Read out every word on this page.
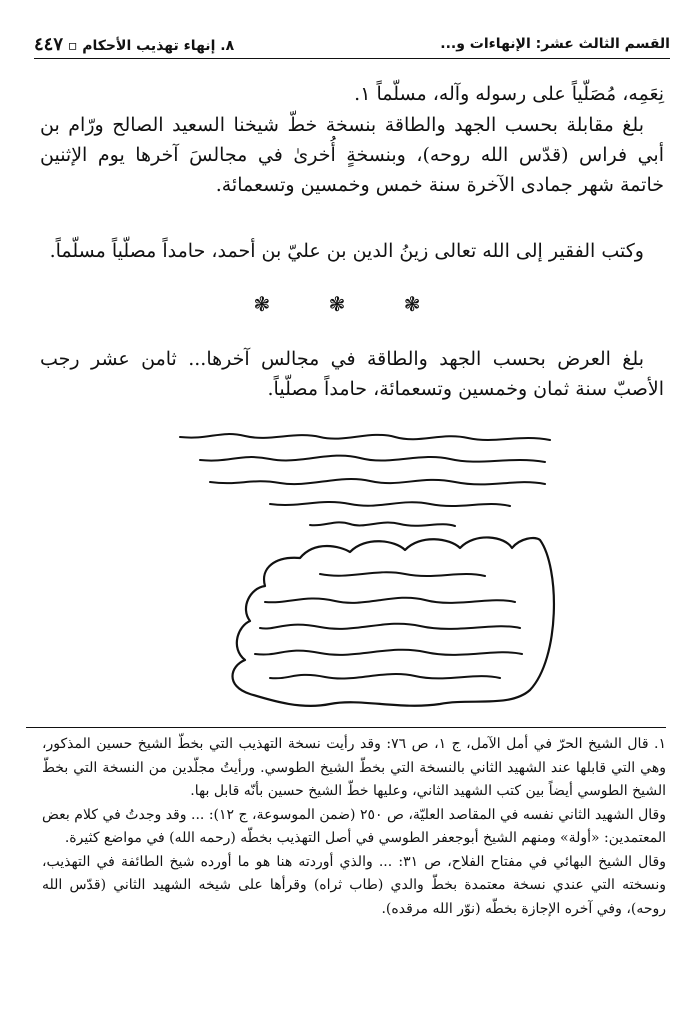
القسم الثالث عشر: الإنهاءات و...
٨. إنهاء تهذيب الأحكام ▫ ٤٤٧
نِعَمِه، مُصَلّياً على رسوله وآله، مسلّماً ١.
بلغ مقابلة بحسب الجهد والطاقة بنسخة خطّ شيخنا السعيد الصالح ورّام بن أبي فراس (قدّس الله روحه)، وبنسخةٍ أُخرىٰ في مجالسَ آخرها يوم الإثنين خاتمة شهر جمادى الآخرة سنة خمس وخمسين وتسعمائة.
وكتب الفقير إلى الله تعالى زينُ الدين بن عليّ بن أحمد، حامداً مصلّياً مسلّماً.
❃ ❃ ❃
بلغ العرض بحسب الجهد والطاقة في مجالس آخرها... ثامن عشر رجب الأصبّ سنة ثمان وخمسين وتسعمائة، حامداً مصلّياً.

١. قال الشيخ الحرّ في أمل الآمل، ج ١، ص ٧٦: وقد رأيت نسخة التهذيب التي بخطّ الشيخ حسين المذكور، وهي التي قابلها عند الشهيد الثاني بالنسخة التي بخطّ الشيخ الطوسي. ورأيتُ مجلّدين من النسخة التي بخطّ الشيخ الطوسي أيضاً بين كتب الشهيد الثاني، وعليها خطّ الشيخ حسين بأنّه قابل بها.

وقال الشهيد الثاني نفسه في المقاصد العليّة، ص ٢٥٠ (ضمن الموسوعة، ج ١٢): ... وقد وجدتُ في كلام بعض المعتمدين: «أولة» ومنهم الشيخ أبوجعفر الطوسي في أصل التهذيب بخطّه (رحمه الله) في مواضع كثيرة.

وقال الشيخ البهائي في مفتاح الفلاح، ص ٣١: ... والذي أوردته هنا هو ما أورده شيخ الطائفة في التهذيب، ونسخته التي عندي نسخة معتمدة بخطّ والدي (طاب ثراه) وقرأها على شيخه الشهيد الثاني (قدّس الله روحه)، وفي آخره الإجازة بخطّه (نوّر الله مرقده).
